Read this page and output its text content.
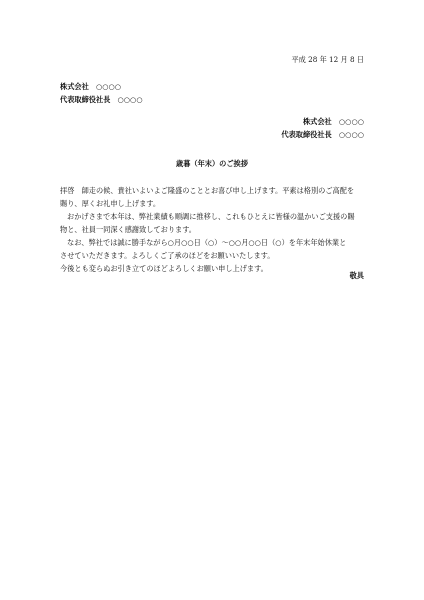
平成 28 年 12 月 8 日
株式会社　○○○○
代表取締役社長　○○○○
株式会社　○○○○
代表取締役社長　○○○○
歳暮（年末）のご挨拶

拝啓　師走の候、貴社いよいよご隆盛のこととお喜び申し上げます。平素は格別のご高配を

賜り、厚くお礼申し上げます。

おかげさまで本年は、弊社業績も順調に推移し、これもひとえに皆様の温かいご支援の賜

物と、社員一同深く感謝致しております。

なお、弊社では誠に勝手ながら○月○○日（○）～○○月○○日（○）を年末年始休業と

させていただきます。よろしくご了承のほどをお願いいたします。

今後とも変らぬお引き立てのほどよろしくお願い申し上げます。

敬具
